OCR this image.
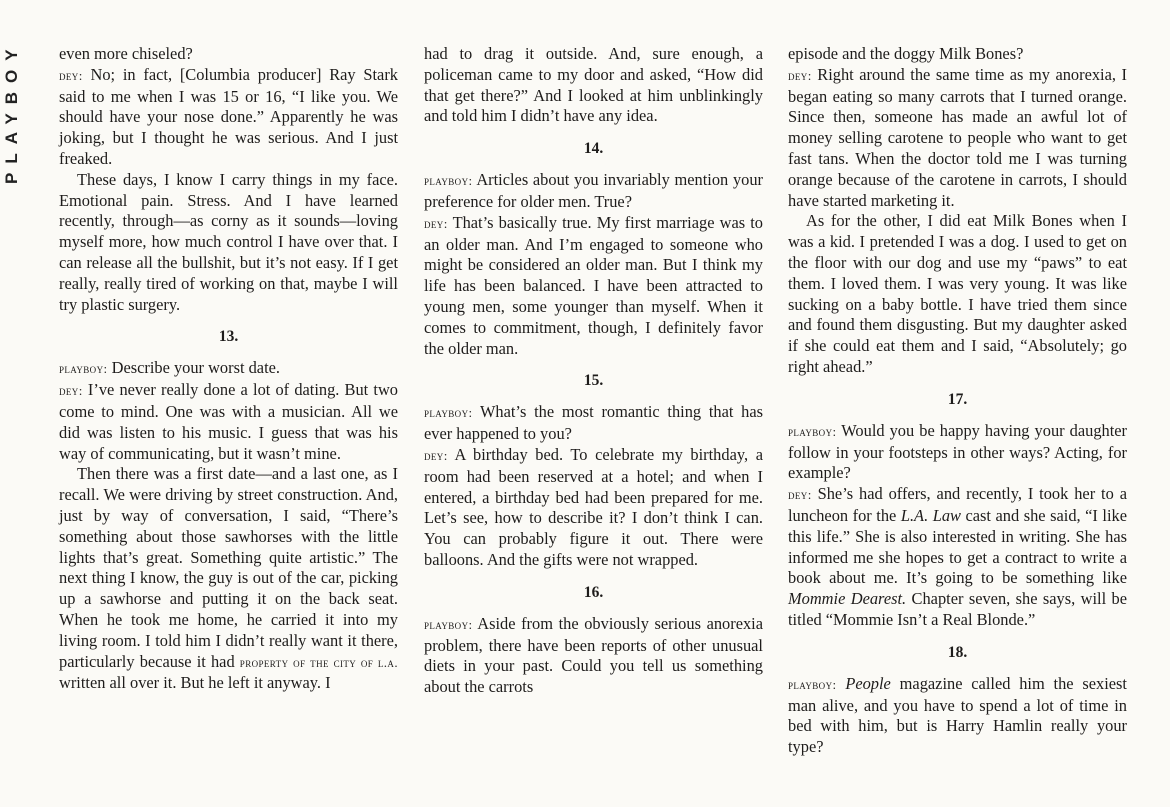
PLAYBOY even more chiseled?

dey: No; in fact, [Columbia producer] Ray Stark said to me when I was 15 or 16, “I like you. We should have your nose done.” Apparently he was joking, but I thought he was serious. And I just freaked.

These days, I know I carry things in my face. Emotional pain. Stress. And I have learned recently, through—as corny as it sounds—loving myself more, how much control I have over that. I can release all the bullshit, but it’s not easy. If I get really, really tired of working on that, maybe I will try plastic surgery.

13.

playboy: Describe your worst date.

dey: I’ve never really done a lot of dating. But two come to mind. One was with a musician. All we did was listen to his music. I guess that was his way of communicating, but it wasn’t mine.

Then there was a first date—and a last one, as I recall. We were driving by street construction. And, just by way of conversation, I said, “There’s something about those sawhorses with the little lights that’s great. Something quite artistic.” The next thing I know, the guy is out of the car, picking up a sawhorse and putting it on the back seat. When he took me home, he carried it into my living room. I told him I didn’t really want it there, particularly because it had property of the city of l.a. written all over it. But he left it anyway. I

had to drag it outside. And, sure enough, a policeman came to my door and asked, “How did that get there?” And I looked at him unblinkingly and told him I didn’t have any idea.

14.

playboy: Articles about you invariably mention your preference for older men. True?

dey: That’s basically true. My first marriage was to an older man. And I’m engaged to someone who might be considered an older man. But I think my life has been balanced. I have been attracted to young men, some younger than myself. When it comes to commitment, though, I definitely favor the older man.

15.

playboy: What’s the most romantic thing that has ever happened to you?

dey: A birthday bed. To celebrate my birthday, a room had been reserved at a hotel; and when I entered, a birthday bed had been prepared for me. Let’s see, how to describe it? I don’t think I can. You can probably figure it out. There were balloons. And the gifts were not wrapped.

16.

playboy: Aside from the obviously serious anorexia problem, there have been reports of other unusual diets in your past. Could you tell us something about the carrots

episode and the doggy Milk Bones?

dey: Right around the same time as my anorexia, I began eating so many carrots that I turned orange. Since then, someone has made an awful lot of money selling carotene to people who want to get fast tans. When the doctor told me I was turning orange because of the carotene in carrots, I should have started marketing it.

As for the other, I did eat Milk Bones when I was a kid. I pretended I was a dog. I used to get on the floor with our dog and use my “paws” to eat them. I loved them. I was very young. It was like sucking on a baby bottle. I have tried them since and found them disgusting. But my daughter asked if she could eat them and I said, “Absolutely; go right ahead.”

17.

playboy: Would you be happy having your daughter follow in your footsteps in other ways? Acting, for example?

dey: She’s had offers, and recently, I took her to a luncheon for the L.A. Law cast and she said, “I like this life.” She is also interested in writing. She has informed me she hopes to get a contract to write a book about me. It’s going to be something like Mommie Dearest. Chapter seven, she says, will be titled “Mommie Isn’t a Real Blonde.”

18.

playboy: People magazine called him the sexiest man alive, and you have to spend a lot of time in bed with him, but is Harry Hamlin really your type?
